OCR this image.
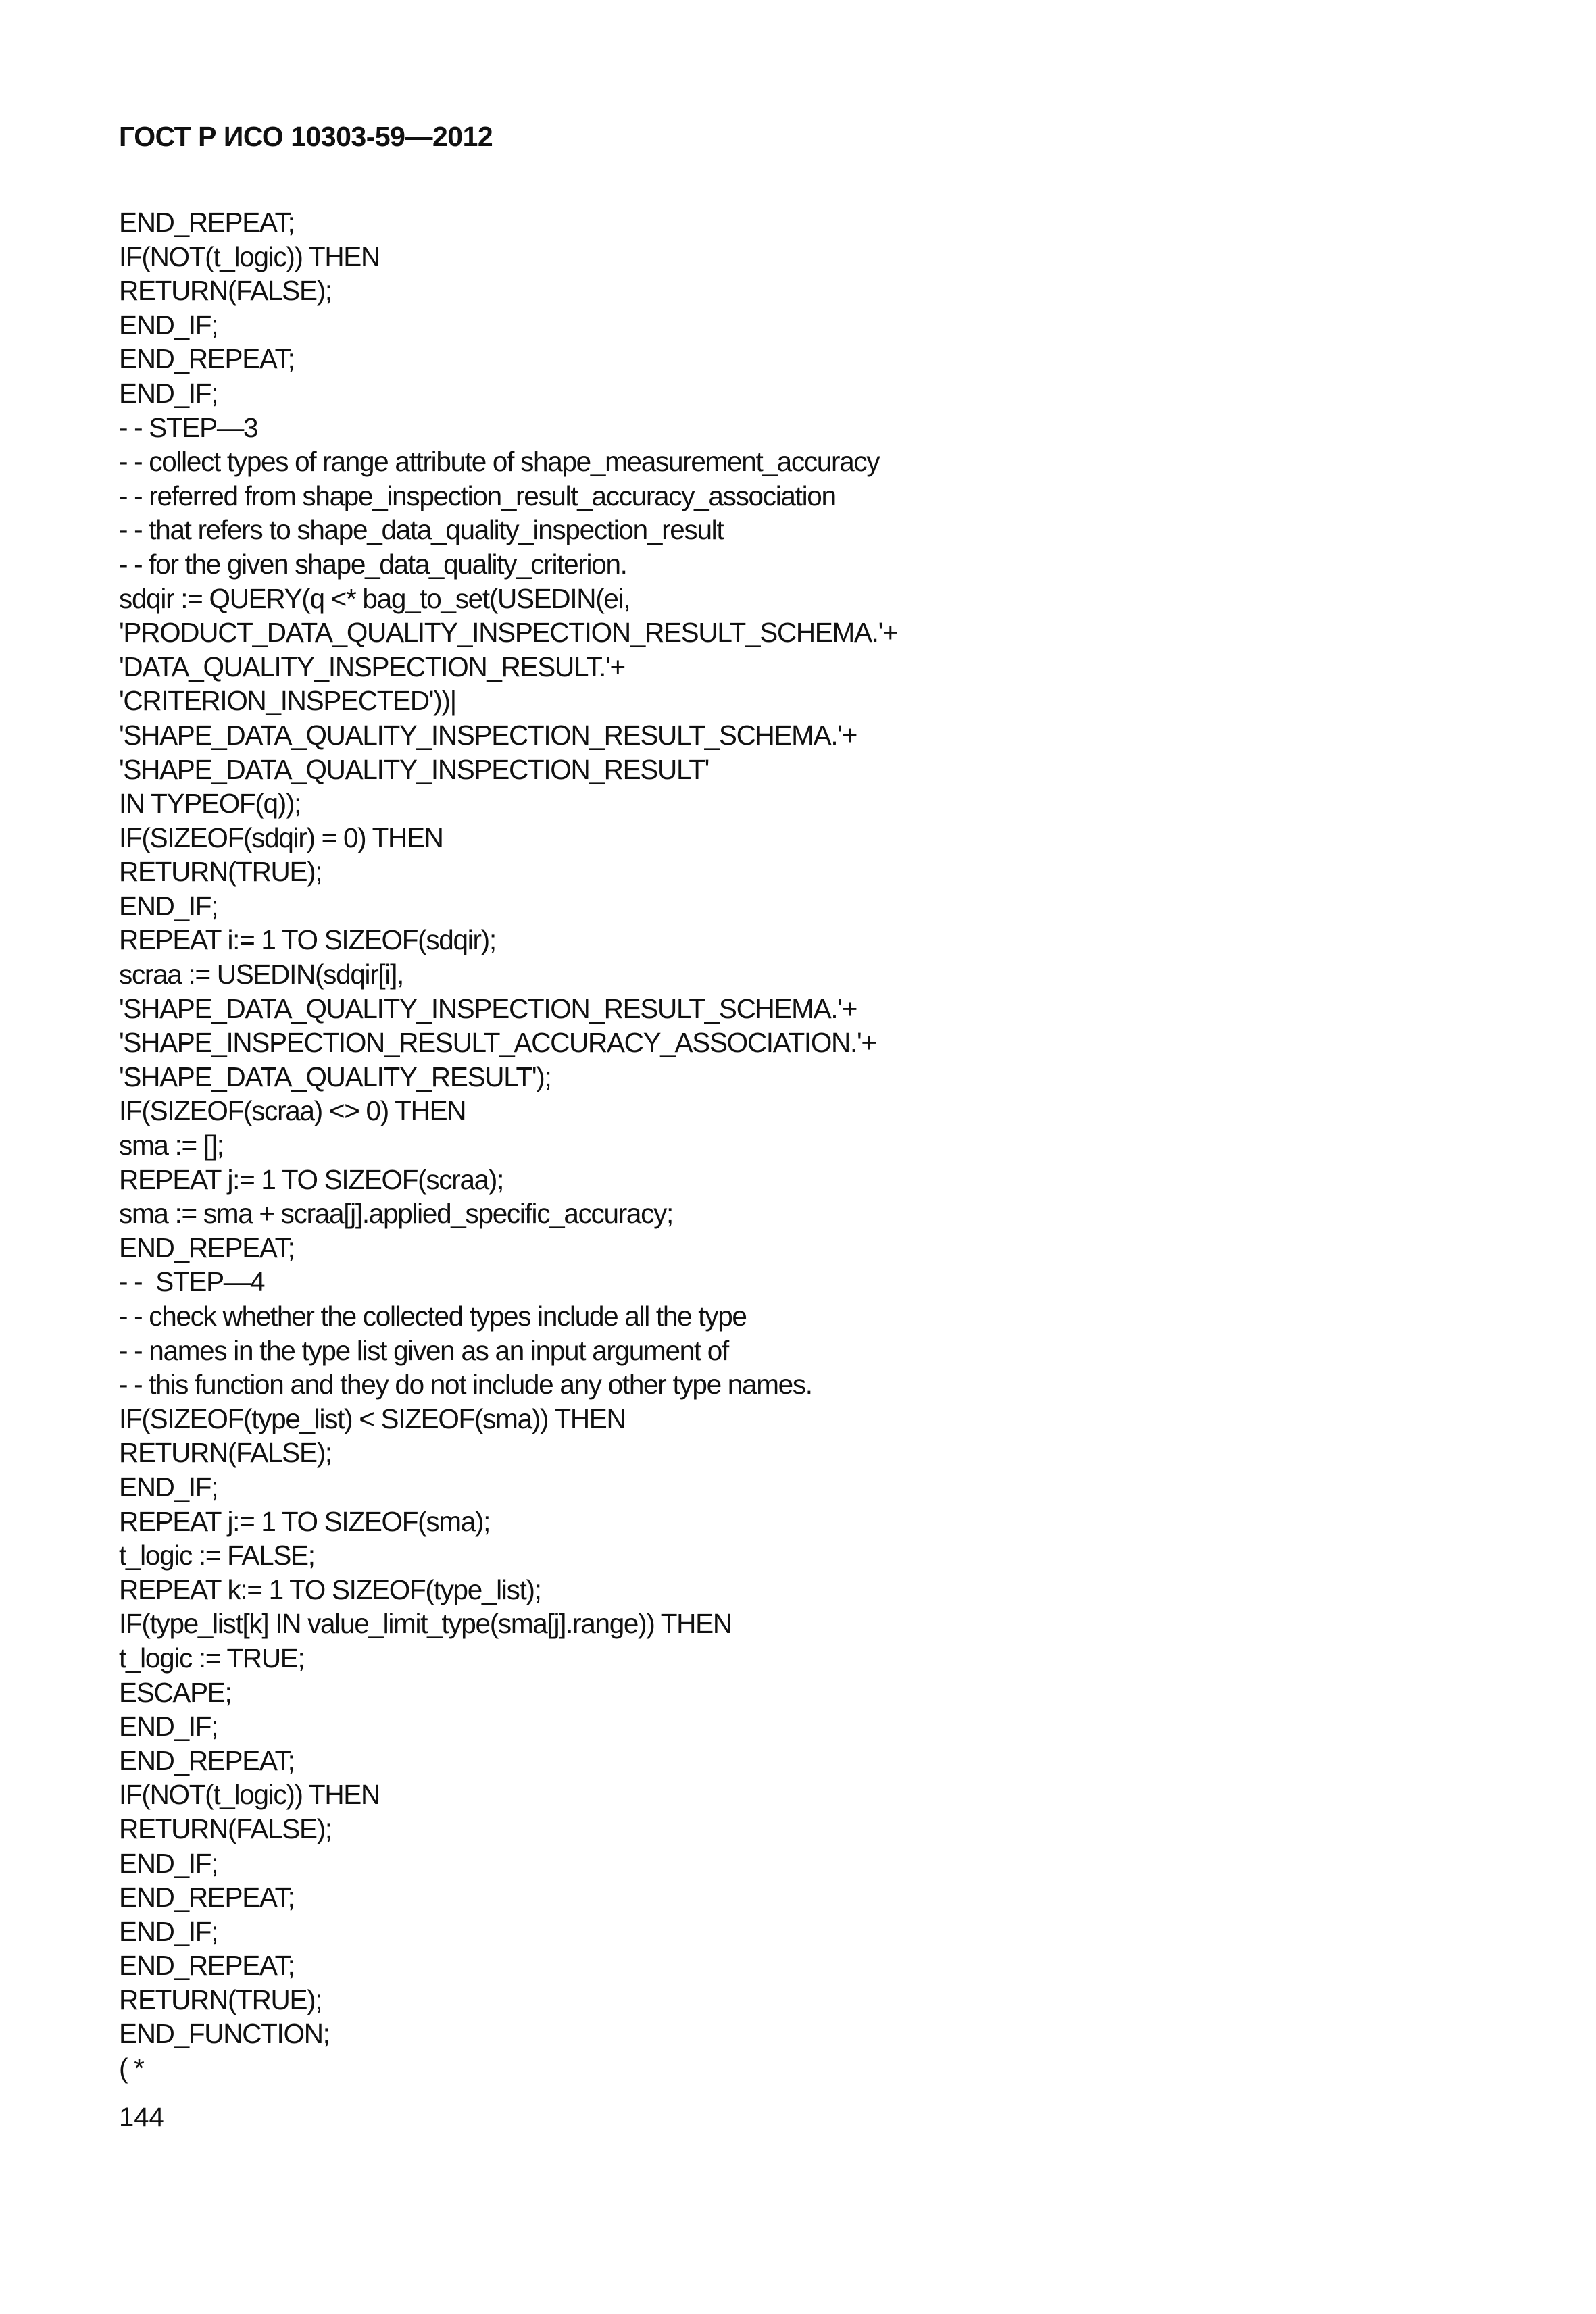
ГОСТ Р ИСО 10303-59—2012
END_REPEAT;
IF(NOT(t_logic)) THEN
RETURN(FALSE);
END_IF;
END_REPEAT;
END_IF;
- - STEP—3
- - collect types of range attribute of shape_measurement_accuracy
- - referred from shape_inspection_result_accuracy_association
- - that refers to shape_data_quality_inspection_result
- - for the given shape_data_quality_criterion.
sdqir := QUERY(q <* bag_to_set(USEDIN(ei,
'PRODUCT_DATA_QUALITY_INSPECTION_RESULT_SCHEMA.'+
'DATA_QUALITY_INSPECTION_RESULT.'+
'CRITERION_INSPECTED'))|
'SHAPE_DATA_QUALITY_INSPECTION_RESULT_SCHEMA.'+
'SHAPE_DATA_QUALITY_INSPECTION_RESULT'
IN TYPEOF(q));
IF(SIZEOF(sdqir) = 0) THEN
RETURN(TRUE);
END_IF;
REPEAT i:= 1 TO SIZEOF(sdqir);
scraa := USEDIN(sdqir[i],
'SHAPE_DATA_QUALITY_INSPECTION_RESULT_SCHEMA.'+
'SHAPE_INSPECTION_RESULT_ACCURACY_ASSOCIATION.'+
'SHAPE_DATA_QUALITY_RESULT');
IF(SIZEOF(scraa) <> 0) THEN
sma := [];
REPEAT j:= 1 TO SIZEOF(scraa);
sma := sma + scraa[j].applied_specific_accuracy;
END_REPEAT;
- -  STEP—4
- - check whether the collected types include all the type
- - names in the type list given as an input argument of
- - this function and they do not include any other type names.
IF(SIZEOF(type_list) < SIZEOF(sma)) THEN
RETURN(FALSE);
END_IF;
REPEAT j:= 1 TO SIZEOF(sma);
t_logic := FALSE;
REPEAT k:= 1 TO SIZEOF(type_list);
IF(type_list[k] IN value_limit_type(sma[j].range)) THEN
t_logic := TRUE;
ESCAPE;
END_IF;
END_REPEAT;
IF(NOT(t_logic)) THEN
RETURN(FALSE);
END_IF;
END_REPEAT;
END_IF;
END_REPEAT;
RETURN(TRUE);
END_FUNCTION;
( *
144
